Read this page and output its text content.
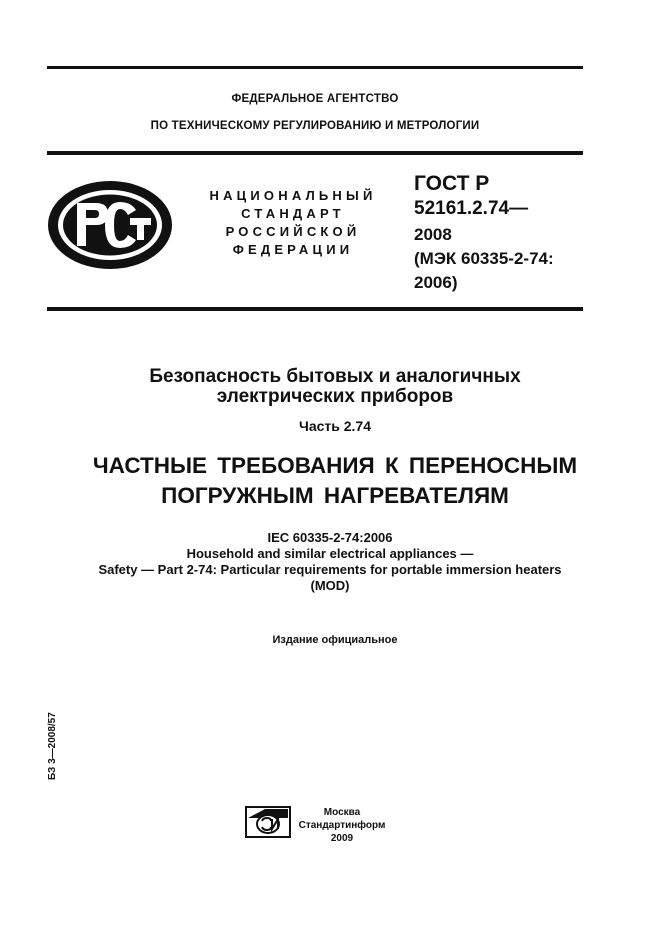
ФЕДЕРАЛЬНОЕ АГЕНТСТВО
ПО ТЕХНИЧЕСКОМУ РЕГУЛИРОВАНИЮ И МЕТРОЛОГИИ
НАЦИОНАЛЬНЫЙ
СТАНДАРТ
РОССИЙСКОЙ
ФЕДЕРАЦИИ
ГОСТ Р
52161.2.74—
2008
(МЭК 60335-2-74:
2006)
Безопасность бытовых и аналогичных
электрических приборов
Часть 2.74
ЧАСТНЫЕ ТРЕБОВАНИЯ К ПЕРЕНОСНЫМ
ПОГРУЖНЫМ НАГРЕВАТЕЛЯМ
IEC 60335-2-74:2006
Household and similar electrical appliances —
Safety — Part 2-74: Particular requirements for portable immersion heaters
(MOD)
Издание официальное
БЗ 3—2008/57
Москва
Стандартинформ
2009
